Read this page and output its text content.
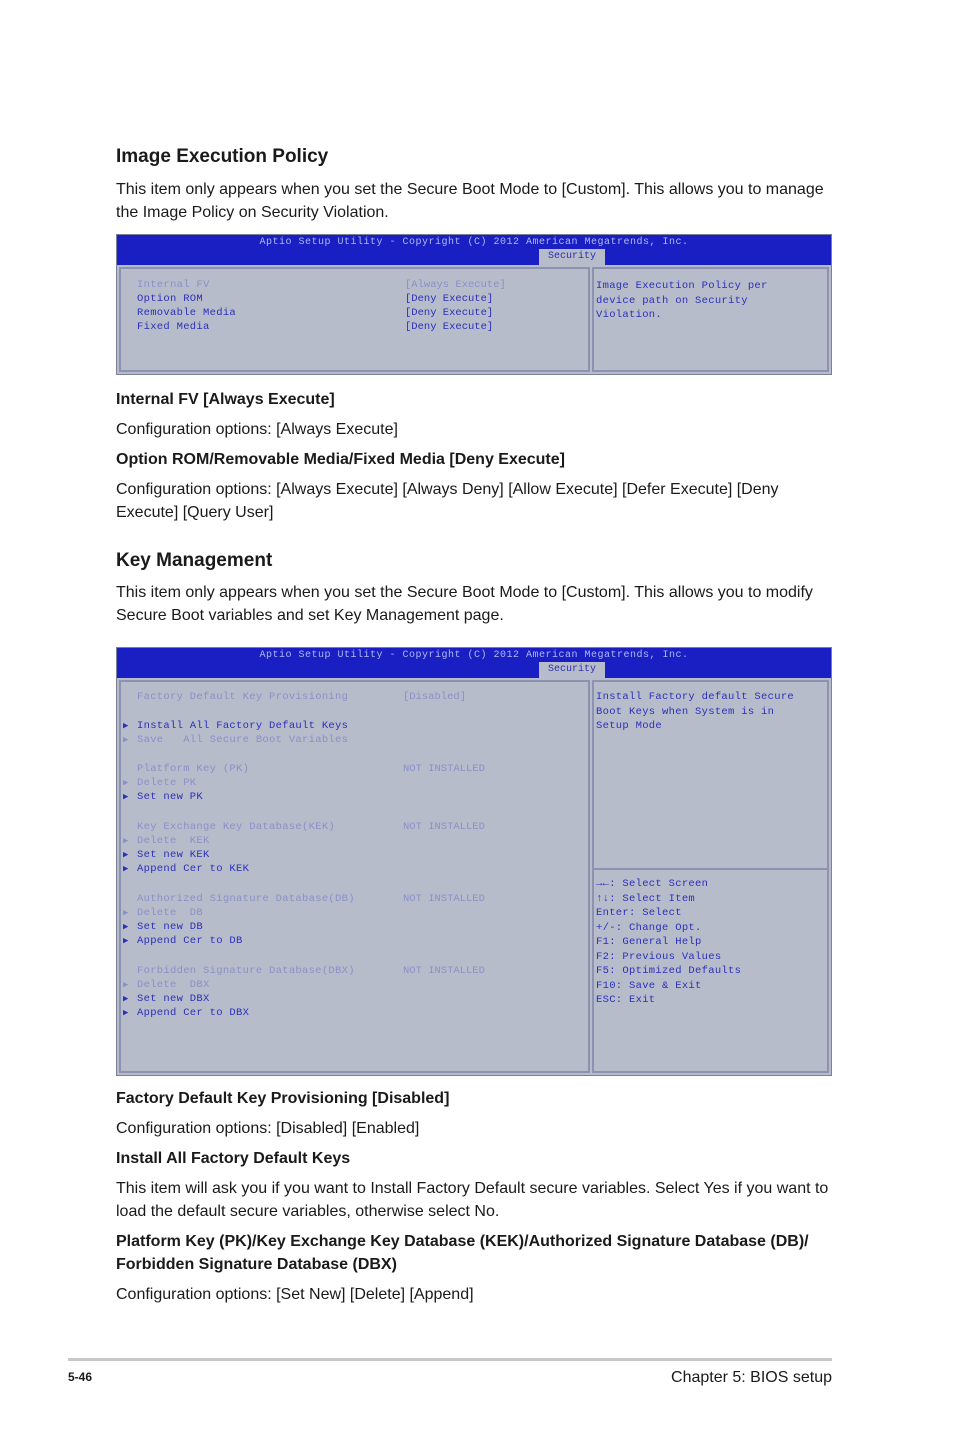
Image Execution Policy
This item only appears when you set the Secure Boot Mode to [Custom]. This allows you to manage the Image Policy on Security Violation.
Aptio Setup Utility - Copyright (C) 2012 American Megatrends, Inc.
Security
Internal FV	[Always Execute]
Option ROM	[Deny Execute]
Removable Media	[Deny Execute]
Fixed Media	[Deny Execute]
Image Execution Policy per
device path on Security
Violation.
Internal FV [Always Execute]
Configuration options: [Always Execute]
Option ROM/Removable Media/Fixed Media [Deny Execute]
Configuration options: [Always Execute] [Always Deny] [Allow Execute] [Defer Execute] [Deny Execute] [Query User]
Key Management
This item only appears when you set the Secure Boot Mode to [Custom]. This allows you to modify Secure Boot variables and set Key Management page.
Aptio Setup Utility - Copyright (C) 2012 American Megatrends, Inc.
Security
Factory Default Key Provisioning	[Disabled]
▶ Install All Factory Default Keys
▶ Save   All Secure Boot Variables
Platform Key (PK)	NOT INSTALLED
▶ Delete PK
▶ Set new PK
Key Exchange Key Database(KEK)	NOT INSTALLED
▶ Delete  KEK
▶ Set new KEK
▶ Append Cer to KEK
Authorized Signature Database(DB)	NOT INSTALLED
▶ Delete  DB
▶ Set new DB
▶ Append Cer to DB
Forbidden Signature Database(DBX)	NOT INSTALLED
▶ Delete  DBX
▶ Set new DBX
▶ Append Cer to DBX
Install Factory default Secure
Boot Keys when System is in
Setup Mode
→←: Select Screen
↑↓: Select Item
Enter: Select
+/-: Change Opt.
F1: General Help
F2: Previous Values
F5: Optimized Defaults
F10: Save & Exit
ESC: Exit
Factory Default Key Provisioning [Disabled]
Configuration options: [Disabled] [Enabled]
Install All Factory Default Keys
This item will ask you if you want to Install Factory Default secure variables. Select Yes if you want to load the default secure variables, otherwise select No.
Platform Key (PK)/Key Exchange Key Database (KEK)/Authorized Signature Database (DB)/ Forbidden Signature Database (DBX)
Configuration options: [Set New] [Delete] [Append]
5-46	Chapter 5: BIOS setup
